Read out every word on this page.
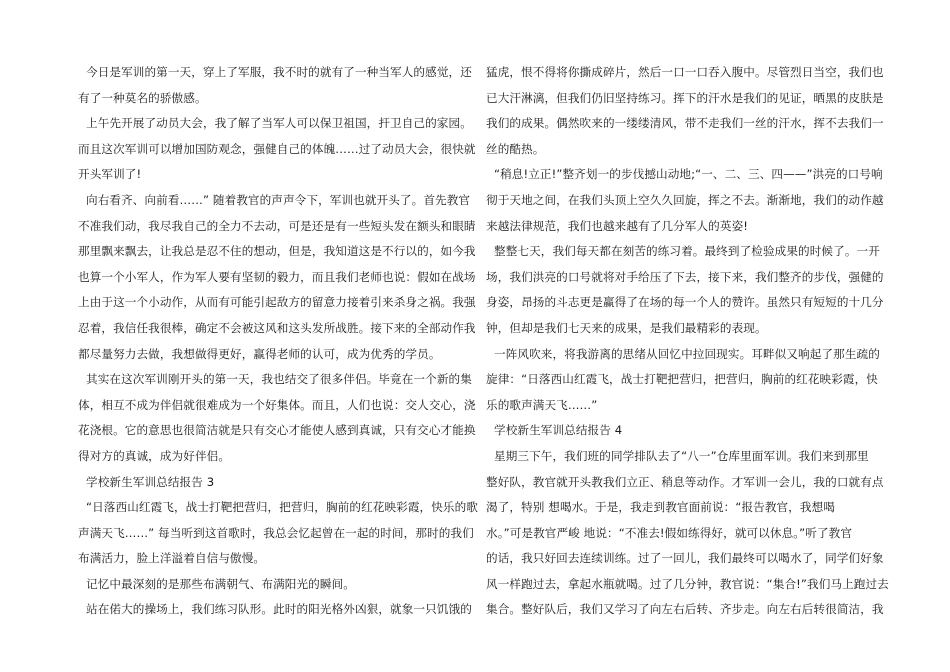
今日是军训的第一天，穿上了军服，我不时的就有了一种当军人的感觉，还
有了一种莫名的骄傲感。
上午先开展了动员大会，我了解了当军人可以保卫祖国，扞卫自己的家园。
而且这次军训可以增加国防观念，强健自己的体魄……过了动员大会，很快就
开头军训了!
向右看齐、向前看……” 随着教官的声声令下，军训也就开头了。首先教官
不准我们动，我尽我自己的全力不去动，可是还是有一些短头发在额头和眼睛
那里飘来飘去，让我总是忍不住的想动，但是，我知道这是不行以的，如今我
也算一个小军人，作为军人要有坚韧的毅力，而且我们老师也说：假如在战场
上由于这一个小动作，从而有可能引起敌方的留意力接着引来杀身之祸。我强
忍着，我信任我很棒，确定不会被这风和这头发所战胜。接下来的全部动作我
都尽量努力去做，我想做得更好，赢得老师的认可，成为优秀的学员。
其实在这次军训刚开头的第一天，我也结交了很多伴侣。毕竟在一个新的集
体，相互不成为伴侣就很难成为一个好集体。而且，人们也说：交人交心，浇
花浇根。它的意思也很简洁就是只有交心才能使人感到真诚，只有交心才能换
得对方的真诚，成为好伴侣。
学校新生军训总结报告 3
“日落西山红霞飞，战士打靶把营归，把营归，胸前的红花映彩霞，快乐的歌
声满天飞……” 每当听到这首歌时，我总会忆起曾在一起的时间，那时的我们
布满活力，脸上洋溢着自信与傲慢。
记忆中最深刻的是那些布满朝气、布满阳光的瞬间。
站在偌大的操场上，我们练习队形。此时的阳光格外凶狠，就象一只饥饿的
猛虎，恨不得将你撕成碎片，然后一口一口吞入腹中。尽管烈日当空，我们也
已大汗淋漓，但我们仍旧坚持练习。挥下的汗水是我们的见证，晒黑的皮肤是
我们的成果。偶然吹来的一缕缕清风，带不走我们一丝的汗水，挥不去我们一
丝的酷热。
“稍息!立正!”整齐划一的步伐撼山动地;“一、二、三、四——”洪亮的口号响
彻于天地之间，在我们头顶上空久久回旋，挥之不去。渐渐地，我们的动作越
来越法律规范，我们也越来越有了几分军人的英姿!
整整七天，我们每天都在刻苦的练习着。最终到了检验成果的时候了。一开
场，我们洪亮的口号就将对手给压了下去，接下来，我们整齐的步伐，强健的
身姿，昂扬的斗志更是赢得了在场的每一个人的赞许。虽然只有短短的十几分
钟，但却是我们七天来的成果，是我们最精彩的表现。
一阵风吹来，将我游离的思绪从回忆中拉回现实。耳畔似又响起了那生疏的
旋律：“日落西山红霞飞，战士打靶把营归，把营归，胸前的红花映彩霞，快
乐的歌声满天飞……”
学校新生军训总结报告 4
星期三下午，我们班的同学排队去了“八一”仓库里面军训。我们来到那里
整好队，教官就开头教我们立正、稍息等动作。才军训一会儿，我的口就有点
渴了，特别 想喝水。于是，我走到教官面前说：“报告教官，我想喝
水。”可是教官严峻 地说：“不准去!假如练得好，就可以休息。”听了教官
的话，我只好回去连续训练。过了一回儿，我们最终可以喝水了，同学们好象
风一样跑过去，拿起水瓶就喝。过了几分钟，教官说：“集合!”我们马上跑过去
集合。整好队后，我们又学习了向左右后转、齐步走。向左右后转很简洁，我
